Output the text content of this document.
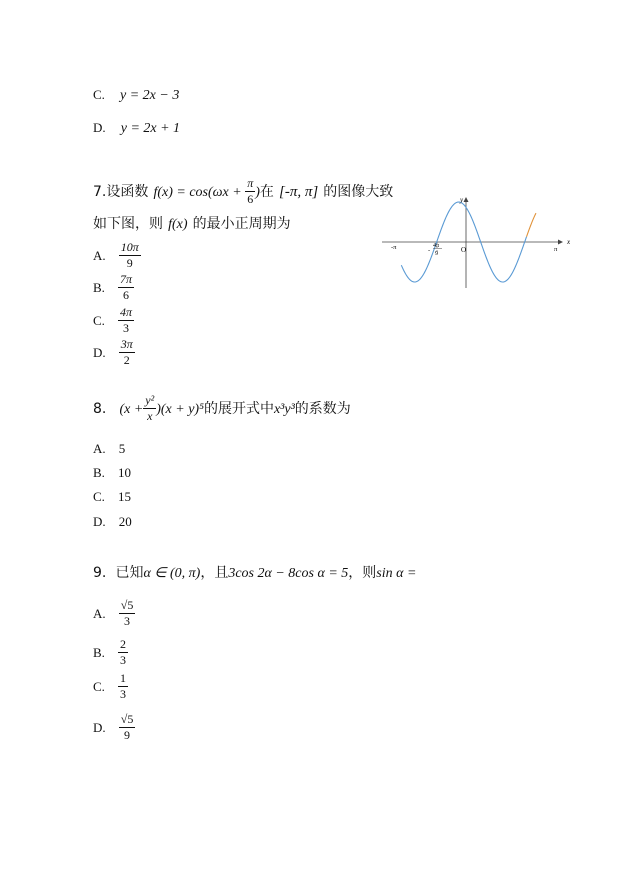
C. y = 2x − 3
D. y = 2x + 1
7.设函数 $f(x) = \cos(\omega x + \frac{\pi}{6}$ )在 [-π, π] 的图像大致
如下图，则 f(x) 的最小正周期为
A. $\frac{10\pi}{9}$
B. $\frac{7\pi}{6}$
C. $\frac{4\pi}{3}$
D. $\frac{3\pi}{2}$
x
y
O
-π	π
-
4π
9
8. $(x + \frac{\text{y²}}{x} )(x + y)^5$的展开式中x³y³的系数为
A. 5
B. 10
C. 15
D. 20
9. 已知α ∈ (0, π)，且3cos 2α − 8cos α = 5，则sin α =
A. $\frac{√5}{3}$
B. $\frac{2}{3}$
C. $\frac{1}{3}$
D. $\frac{√5}{9}$
